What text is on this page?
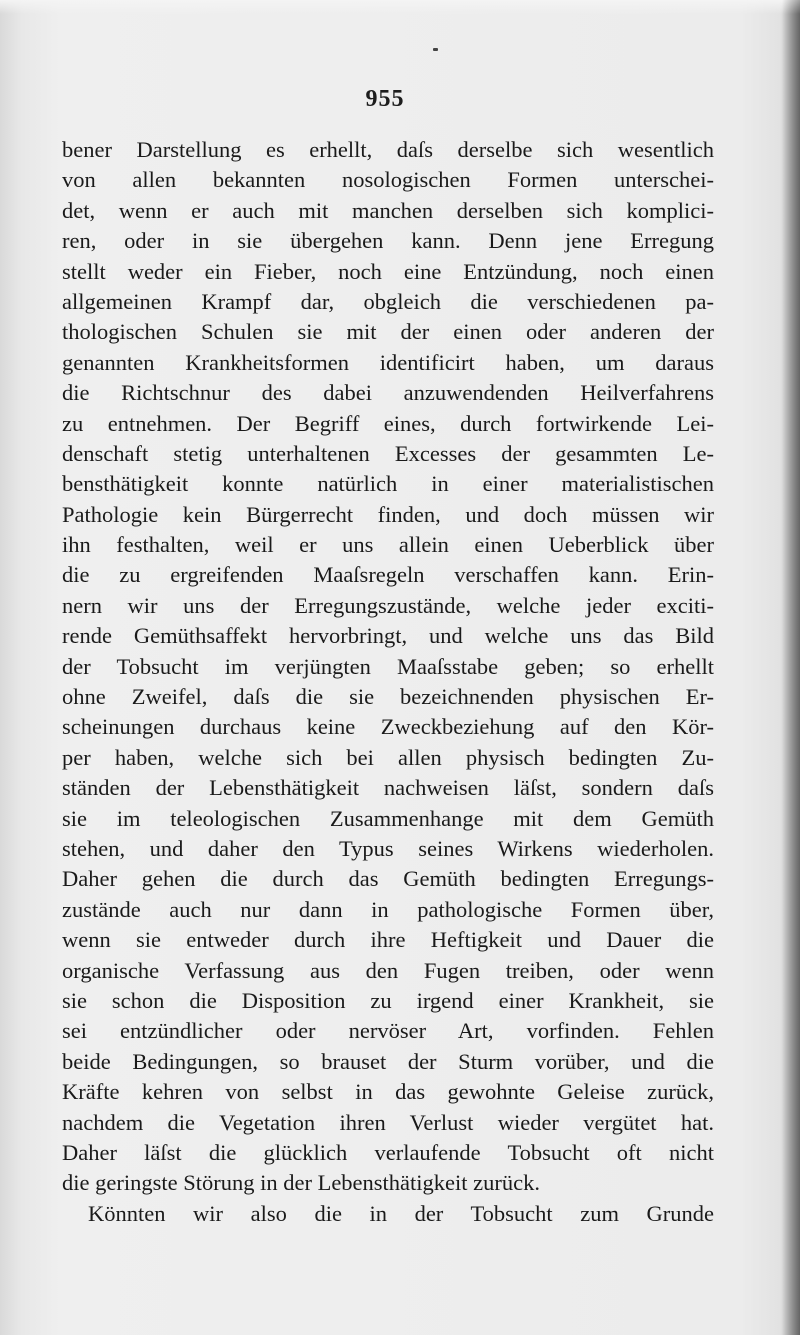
955
bener Darstellung es erhellt, daſs derselbe sich wesentlich
von allen bekannten nosologischen Formen unterschei-
det, wenn er auch mit manchen derselben sich komplici-
ren, oder in sie übergehen kann. Denn jene Erregung
stellt weder ein Fieber, noch eine Entzündung, noch einen
allgemeinen Krampf dar, obgleich die verschiedenen pa-
thologischen Schulen sie mit der einen oder anderen der
genannten Krankheitsformen identificirt haben, um daraus
die Richtschnur des dabei anzuwendenden Heilverfahrens
zu entnehmen. Der Begriff eines, durch fortwirkende Lei-
denschaft stetig unterhaltenen Excesses der gesammten Le-
bensthätigkeit konnte natürlich in einer materialistischen
Pathologie kein Bürgerrecht finden, und doch müssen wir
ihn festhalten, weil er uns allein einen Ueberblick über
die zu ergreifenden Maaſsregeln verschaffen kann. Erin-
nern wir uns der Erregungszustände, welche jeder exciti-
rende Gemüthsaffekt hervorbringt, und welche uns das Bild
der Tobsucht im verjüngten Maaſsstabe geben; so erhellt
ohne Zweifel, daſs die sie bezeichnenden physischen Er-
scheinungen durchaus keine Zweckbeziehung auf den Kör-
per haben, welche sich bei allen physisch bedingten Zu-
ständen der Lebensthätigkeit nachweisen läſst, sondern daſs
sie im teleologischen Zusammenhange mit dem Gemüth
stehen, und daher den Typus seines Wirkens wiederholen.
Daher gehen die durch das Gemüth bedingten Erregungs-
zustände auch nur dann in pathologische Formen über,
wenn sie entweder durch ihre Heftigkeit und Dauer die
organische Verfassung aus den Fugen treiben, oder wenn
sie schon die Disposition zu irgend einer Krankheit, sie
sei entzündlicher oder nervöser Art, vorfinden. Fehlen
beide Bedingungen, so brauset der Sturm vorüber, und die
Kräfte kehren von selbst in das gewohnte Geleise zurück,
nachdem die Vegetation ihren Verlust wieder vergütet hat.
Daher läſst die glücklich verlaufende Tobsucht oft nicht
die geringste Störung in der Lebensthätigkeit zurück.
Könnten wir also die in der Tobsucht zum Grunde
